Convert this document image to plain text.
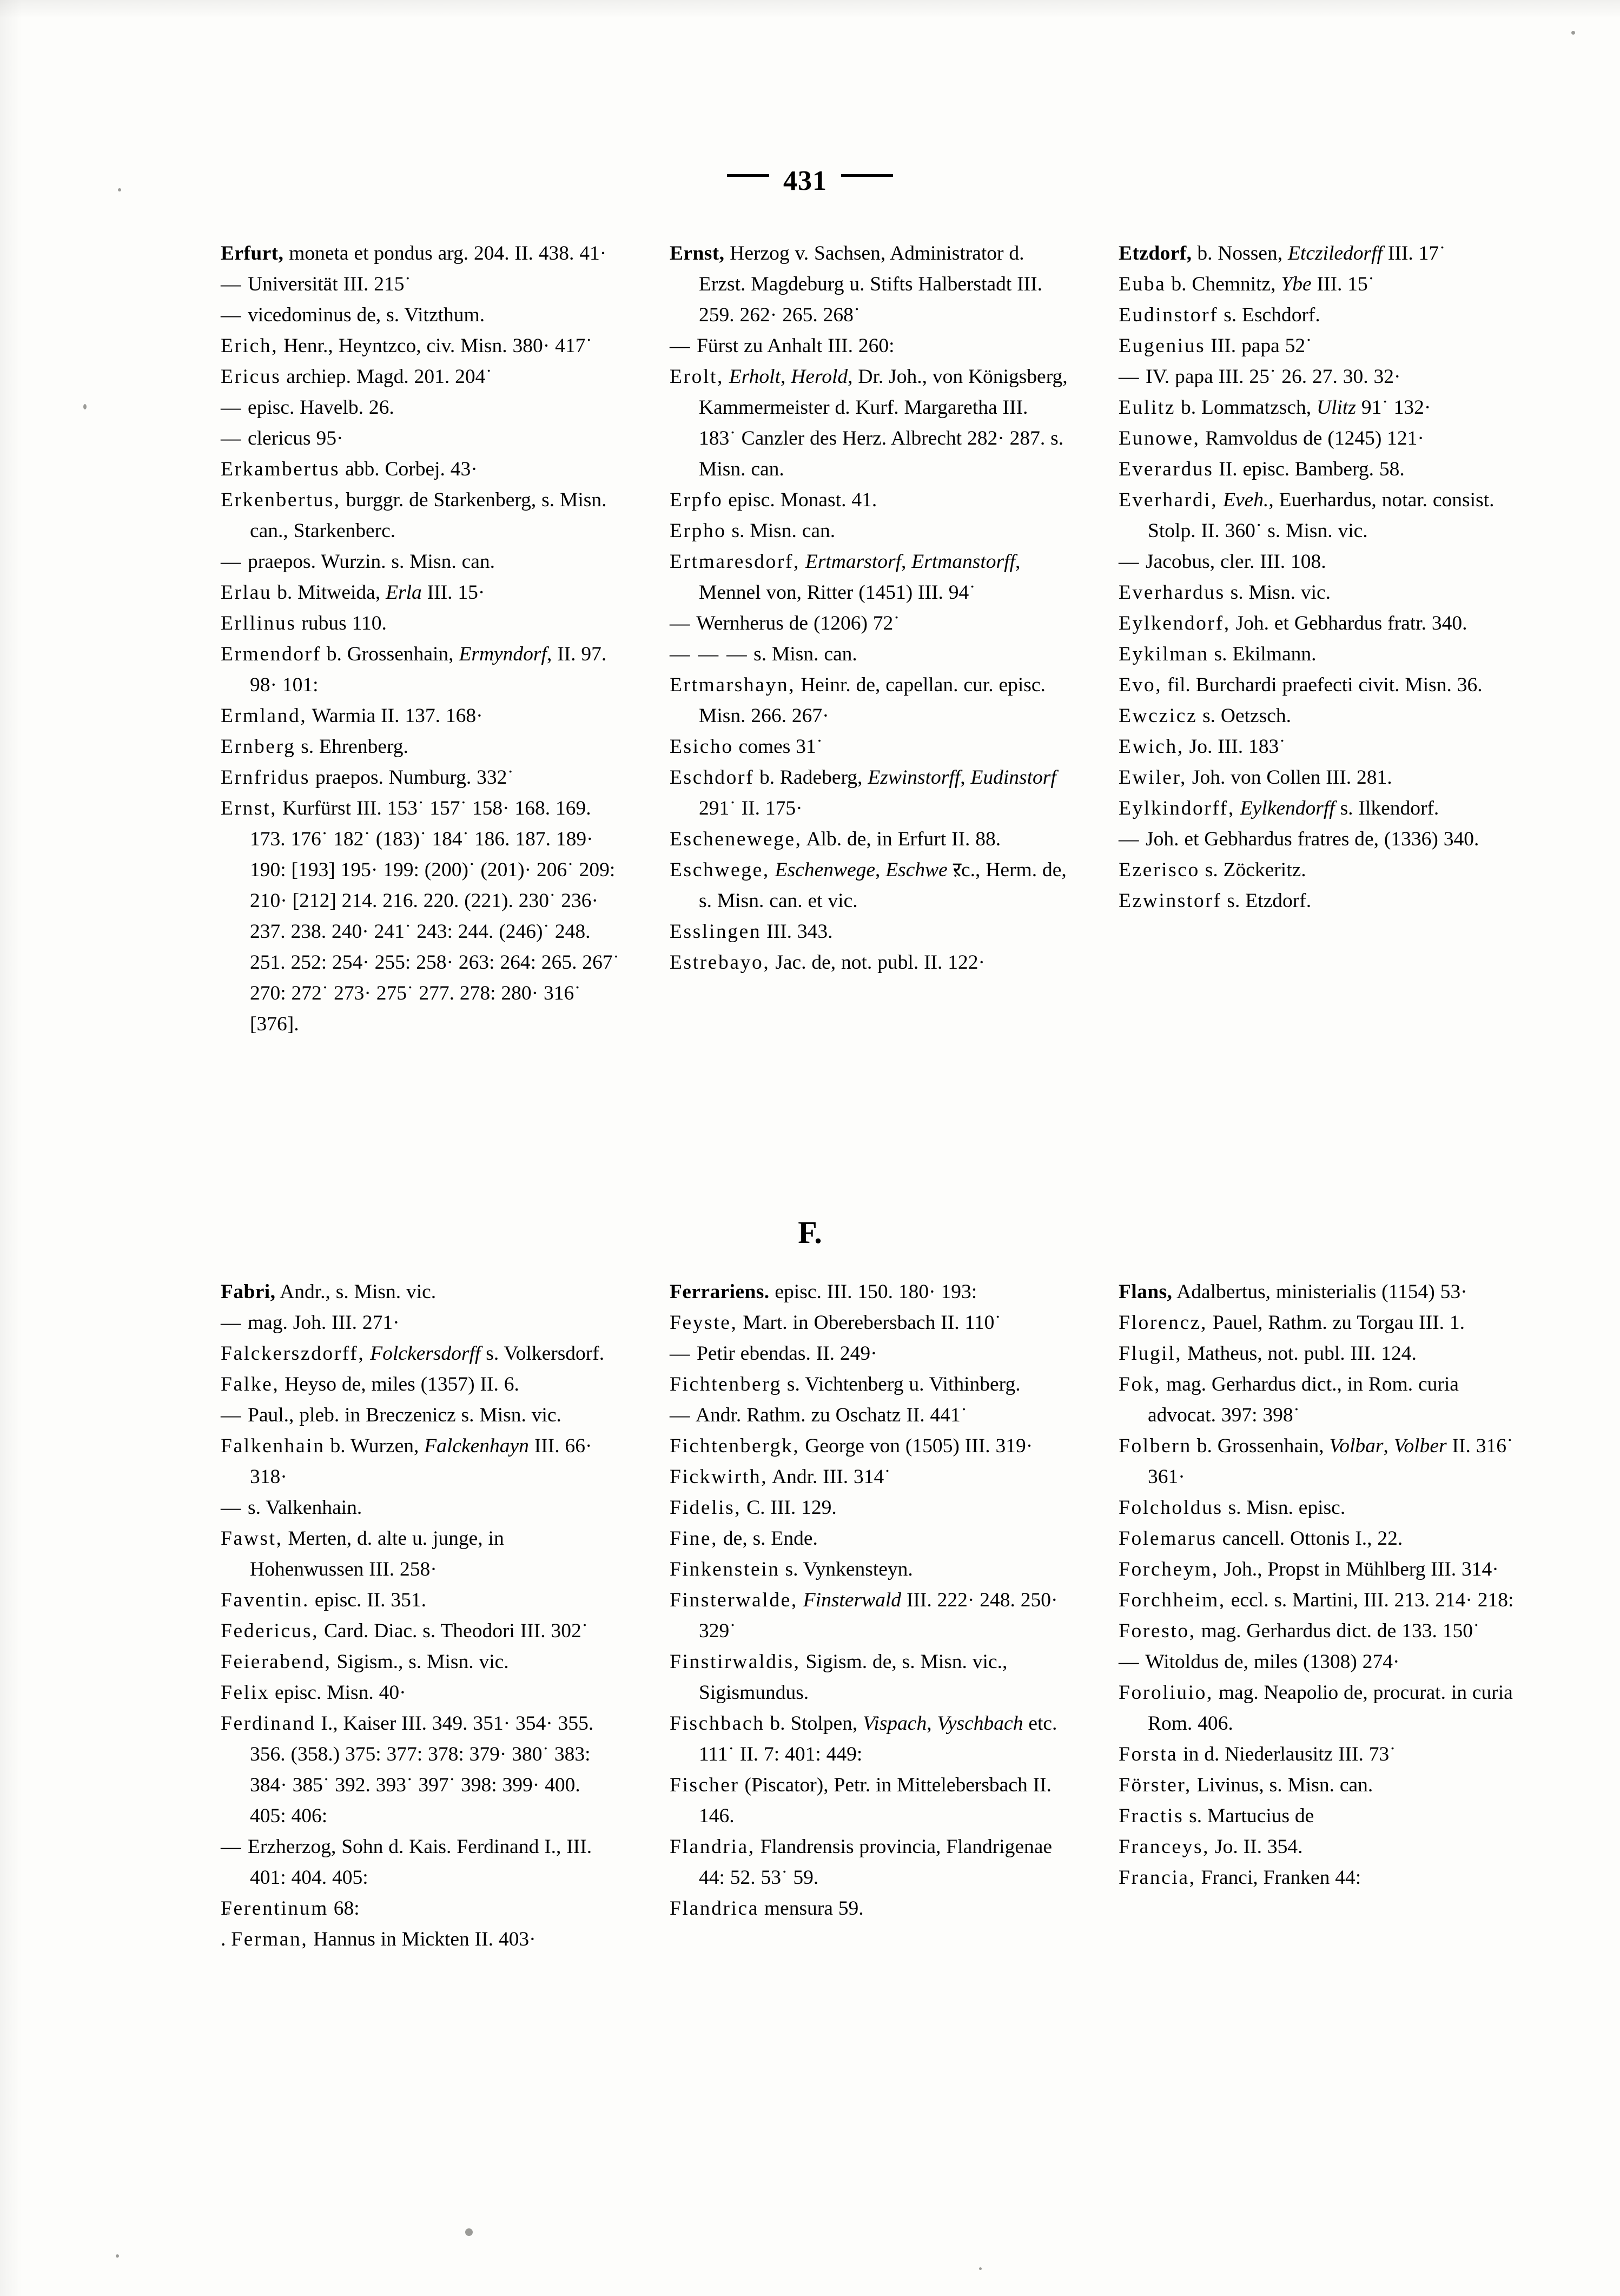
431

Erfurt, moneta et pondus arg. 204. II. 438. 41·

— Universität III. 215˙

— vicedominus de, s. Vitzthum.

Erich, Henr., Heyntzco, civ. Misn. 380· 417˙

Ericus archiep. Magd. 201. 204˙

— episc. Havelb. 26.

— clericus 95·

Erkambertus abb. Corbej. 43·

Erkenbertus, burggr. de Starkenberg, s. Misn. can., Starkenberc.

— praepos. Wurzin. s. Misn. can.

Erlau b. Mitweida, Erla III. 15·

Erllinus rubus 110.

Ermendorf b. Grossenhain, Ermyndorf, II. 97. 98· 101:

Ermland, Warmia II. 137. 168·

Ernberg s. Ehrenberg.

Ernfridus praepos. Numburg. 332˙

Ernst, Kurfürst III. 153˙ 157˙ 158· 168. 169. 173. 176˙ 182˙ (183)˙ 184˙ 186. 187. 189· 190: [193] 195· 199: (200)˙ (201)· 206˙ 209: 210· [212] 214. 216. 220. (221). 230˙ 236· 237. 238. 240· 241˙ 243: 244. (246)˙ 248. 251. 252: 254· 255: 258· 263: 264: 265. 267˙ 270: 272˙ 273· 275˙ 277. 278: 280· 316˙ [376].

Ernst, Herzog v. Sachsen, Administrator d. Erzst. Magdeburg u. Stifts Halberstadt III. 259. 262· 265. 268˙

— Fürst zu Anhalt III. 260:

Erolt, Erholt, Herold, Dr. Joh., von Königsberg, Kammermeister d. Kurf. Margaretha III. 183˙ Canzler des Herz. Albrecht 282· 287. s. Misn. can.

Erpfo episc. Monast. 41.

Erpho s. Misn. can.

Ertmaresdorf, Ertmarstorf, Ertmanstorff, Mennel von, Ritter (1451) III. 94˙

— Wernherus de (1206) 72˙

— — — s. Misn. can.

Ertmarshayn, Heinr. de, capellan. cur. episc. Misn. 266. 267·

Esicho comes 31˙

Eschdorf b. Radeberg, Ezwinstorff, Eudinstorf 291˙ II. 175·

Eschenewege, Alb. de, in Erfurt II. 88.

Eschwege, Eschenwege, Eschwe ऱc., Herm. de, s. Misn. can. et vic.

Esslingen III. 343.

Estrebayo, Jac. de, not. publ. II. 122·

Etzdorf, b. Nossen, Etcziledorff III. 17˙

Euba b. Chemnitz, Ybe III. 15˙

Eudinstorf s. Eschdorf.

Eugenius III. papa 52˙

— IV. papa III. 25˙ 26. 27. 30. 32·

Eulitz b. Lommatzsch, Ulitz 91˙ 132·

Eunowe, Ramvoldus de (1245) 121·

Everardus II. episc. Bamberg. 58.

Everhardi, Eveh., Euerhardus, notar. consist. Stolp. II. 360˙ s. Misn. vic.

— Jacobus, cler. III. 108.

Everhardus s. Misn. vic.

Eylkendorf, Joh. et Gebhardus fratr. 340.

Eykilman s. Ekilmann.

Evo, fil. Burchardi praefecti civit. Misn. 36.

Ewczicz s. Oetzsch.

Ewich, Jo. III. 183˙

Ewiler, Joh. von Collen III. 281.

Eylkindorff, Eylkendorff s. Ilkendorf.

— Joh. et Gebhardus fratres de, (1336) 340.

Ezerisco s. Zöckeritz.

Ezwinstorf s. Etzdorf.

F.

Fabri, Andr., s. Misn. vic.

— mag. Joh. III. 271·

Falckerszdorff, Folckersdorff s. Volkersdorf.

Falke, Heyso de, miles (1357) II. 6.

— Paul., pleb. in Breczenicz s. Misn. vic.

Falkenhain b. Wurzen, Falckenhayn III. 66· 318·

— s. Valkenhain.

Fawst, Merten, d. alte u. junge, in Hohenwussen III. 258·

Faventin. episc. II. 351.

Federicus, Card. Diac. s. Theodori III. 302˙

Feierabend, Sigism., s. Misn. vic.

Felix episc. Misn. 40·

Ferdinand I., Kaiser III. 349. 351· 354· 355. 356. (358.) 375: 377: 378: 379· 380˙ 383: 384· 385˙ 392. 393˙ 397˙ 398: 399· 400. 405: 406:

— Erzherzog, Sohn d. Kais. Ferdinand I., III. 401: 404. 405:

Ferentinum 68:

. Ferman, Hannus in Mickten II. 403·

Ferrariens. episc. III. 150. 180· 193:

Feyste, Mart. in Oberebersbach II. 110˙

— Petir ebendas. II. 249·

Fichtenberg s. Vichtenberg u. Vithinberg.

— Andr. Rathm. zu Oschatz II. 441˙

Fichtenbergk, George von (1505) III. 319·

Fickwirth, Andr. III. 314˙

Fidelis, C. III. 129.

Fine, de, s. Ende.

Finkenstein s. Vynkensteyn.

Finsterwalde, Finsterwald III. 222· 248. 250· 329˙

Finstirwaldis, Sigism. de, s. Misn. vic., Sigismundus.

Fischbach b. Stolpen, Vispach, Vyschbach etc. 111˙ II. 7: 401: 449:

Fischer (Piscator), Petr. in Mittelebersbach II. 146.

Flandria, Flandrensis provincia, Flandrigenae 44: 52. 53˙ 59.

Flandrica mensura 59.

Flans, Adalbertus, ministerialis (1154) 53·

Florencz, Pauel, Rathm. zu Torgau III. 1.

Flugil, Matheus, not. publ. III. 124.

Fok, mag. Gerhardus dict., in Rom. curia advocat. 397: 398˙

Folbern b. Grossenhain, Volbar, Volber II. 316˙ 361·

Folcholdus s. Misn. episc.

Folemarus cancell. Ottonis I., 22.

Forcheym, Joh., Propst in Mühlberg III. 314·

Forchheim, eccl. s. Martini, III. 213. 214· 218:

Foresto, mag. Gerhardus dict. de 133. 150˙

— Witoldus de, miles (1308) 274·

Foroliuio, mag. Neapolio de, procurat. in curia Rom. 406.

Forsta in d. Niederlausitz III. 73˙

Förster, Livinus, s. Misn. can.

Fractis s. Martucius de

Franceys, Jo. II. 354.

Francia, Franci, Franken 44:
